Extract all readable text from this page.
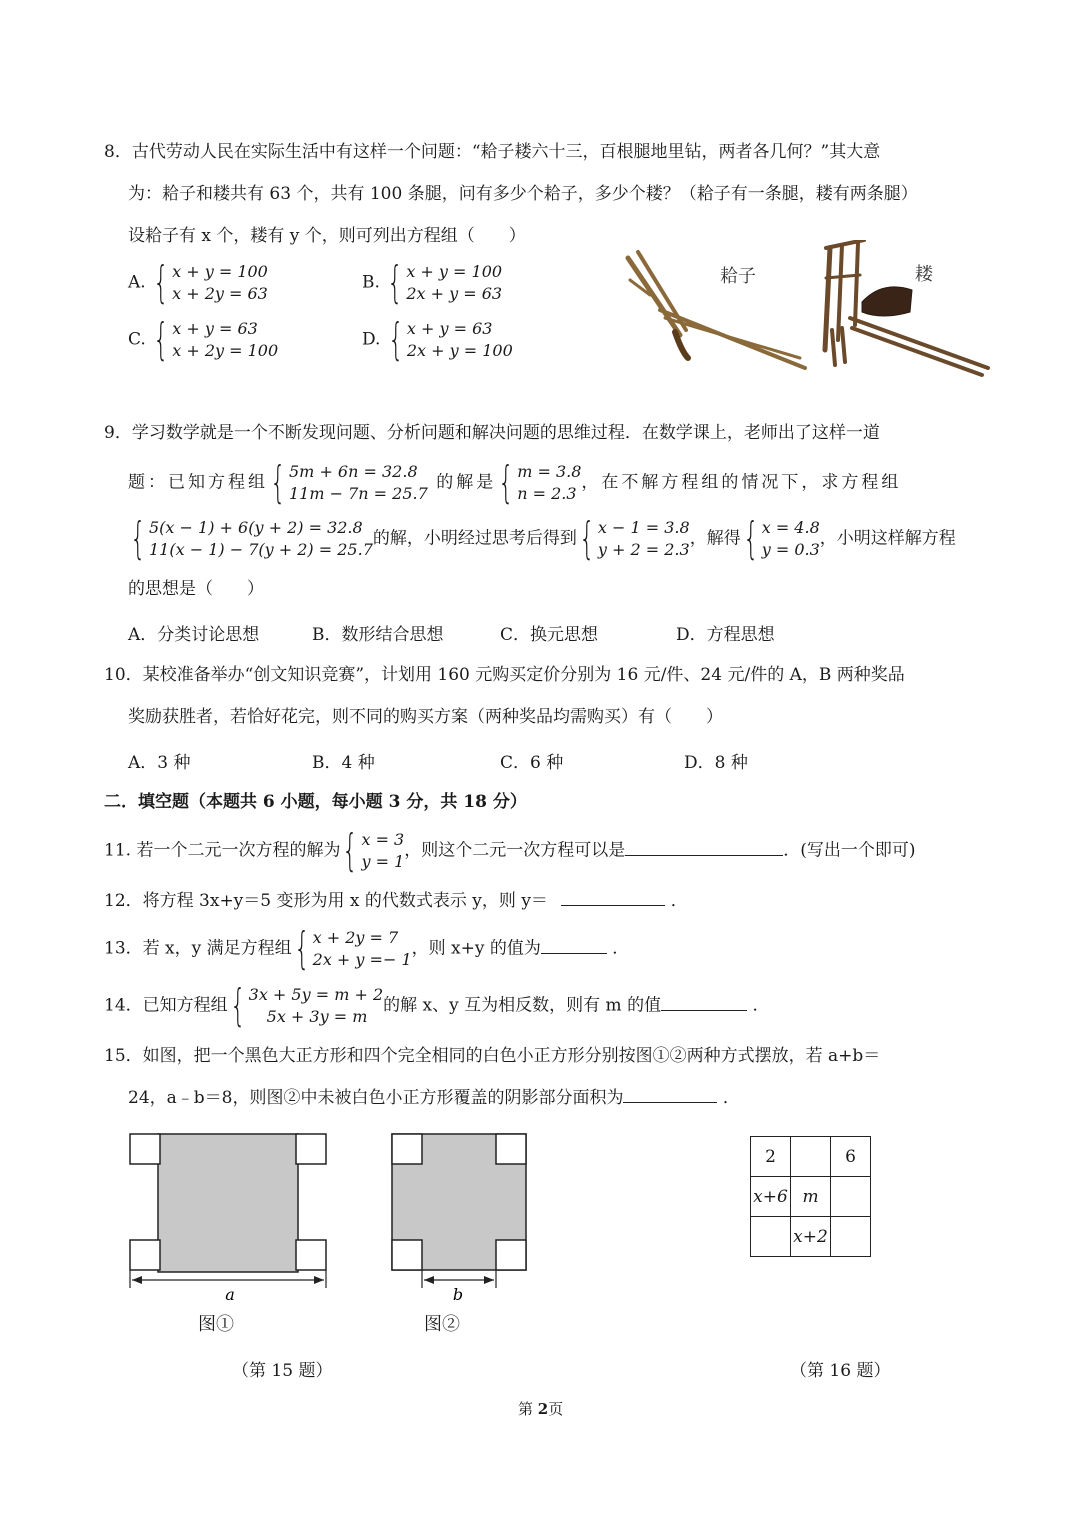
8．古代劳动人民在实际生活中有这样一个问题：“耠子耧六十三，百根腿地里钻，两者各几何？”其大意
为：耠子和耧共有 63 个，共有 100 条腿，问有多少个耠子，多少个耧？（耠子有一条腿，耧有两条腿）
设耠子有 x 个，耧有 y 个，则可列出方程组（　　）
A. { x + y = 100
x + 2y = 63
B. { x + y = 100
2x + y = 63
C. { x + y = 63
x + 2y = 100
D. { x + y = 63
2x + y = 100
耠子	耧
9．学习数学就是一个不断发现问题、分析问题和解决问题的思维过程．在数学课上，老师出了这样一道
题：已知方程组 { 5m + 6n = 32.8
11m − 7n = 25.7
的解是 { m = 3.8
n = 2.3
，在不解方程组的情况下，求方程组
{ 5(x − 1) + 6(y + 2) = 32.8
11(x − 1) − 7(y + 2) = 25.7
的解，小明经过思考后得到 { x − 1 = 3.8
y + 2 = 2.3
，解得 { x = 4.8
y = 0.3
，小明这样解方程
的思想是（　　）
A．分类讨论思想	B．数形结合思想	C．换元思想	D．方程思想
10．某校准备举办“创文知识竞赛”，计划用 160 元购买定价分别为 16 元/件、24 元/件的 A，B 两种奖品
奖励获胜者，若恰好花完，则不同的购买方案（两种奖品均需购买）有（　　）
A．3 种	B．4 种	C．6 种	D．8 种
二．填空题（本题共 6 小题，每小题 3 分，共 18 分）
11. 若一个二元一次方程的解为 { x = 3
y = 1
，则这个二元一次方程可以是	．(写出一个即可)
12．将方程 3x+y＝5 变形为用 x 的代数式表示 y，则 y＝	．
13．若 x，y 满足方程组 { x + 2y = 7
2x + y =− 1
，则 x+y 的值为	．
14．已知方程组 { 3x + 5y = m + 2
5x + 3y = m
的解 x、y 互为相反数，则有 m 的值	．
15．如图，把一个黑色大正方形和四个完全相同的白色小正方形分别按图①②两种方式摆放，若 a+b＝
24，a﹣b＝8，则图②中未被白色小正方形覆盖的阴影部分面积为	．
a
图①
b
图②
（第 15 题）
2		6
x+6	m	
	x+2	
（第 16 题）
第 2页
